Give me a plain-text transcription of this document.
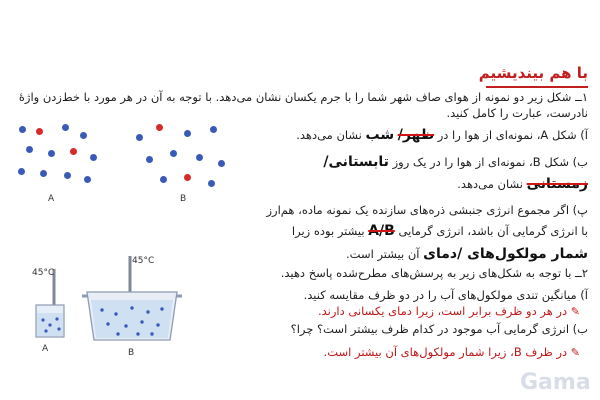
با هم بیندیشیم
۱ــ شکل زیر دو نمونه از هوای صاف شهر شما را با جرم یکسان نشان می‌دهد. با توجه به آن در هر مورد با خط‌زدن واژهٔ
نادرست، عبارت را کامل کنید.
آ) شکل A، نمونه‌ای از هوا را در ظهر/ شب نشان می‌دهد.
ب) شکل B، نمونه‌ای از هوا را در یک روز تابستانی/
زمستانی نشان می‌دهد.
پ) اگر مجموع انرژی جنبشی ذره‌های سازنده یک نمونه ماده، هم‌ارز
با انرژی گرمایی آن باشد، انرژی گرمایی A/B بیشتر بوده زیرا
شمار مولکول‌های /دمای آن بیشتر است.
۲ــ با توجه به شکل‌های زیر به پرسش‌های مطرح‌شده پاسخ دهید.
آ) میانگین تندی مولکول‌های آب را در دو ظرف مقایسه کنید.
✎ در هر دو ظرف برابر است، زیرا دمای یکسانی دارند.
ب) انرژی گرمایی آب موجود در کدام ظرف بیشتر است؟ چرا؟
✎ در ظرف B، زیرا شمار مولکول‌های آن بیشتر است.
A	B
45°C
A
45°C
B
Gama
